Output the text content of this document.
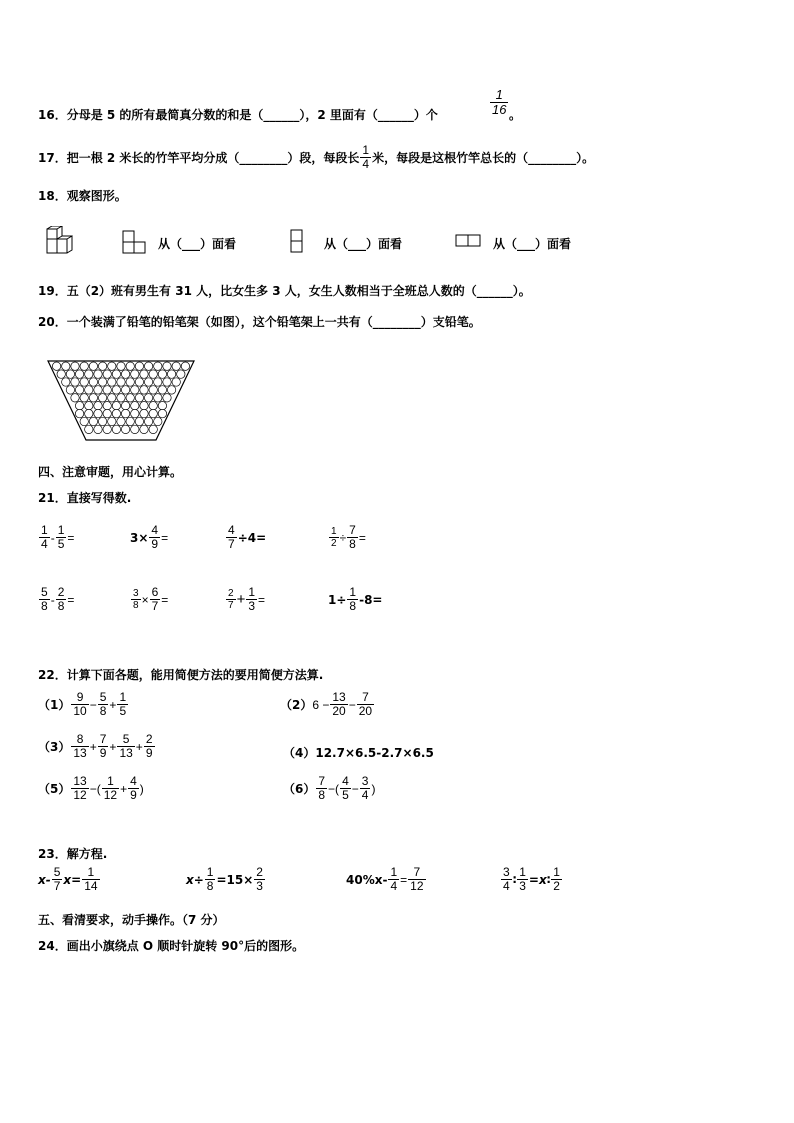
16．分母是 5 的所有最简真分数的和是（______），2 里面有（______）个	$\frac{1}{16}$ 。
17．把一根 2 米长的竹竿平均分成（________）段，每段长 $\frac{1}{4}$ 米，每段是这根竹竿总长的（________）。
18．观察图形。
从（___）面看	从（___）面看	从（___）面看
19．五（2）班有男生有 31 人，比女生多 3 人，女生人数相当于全班总人数的（______）。
20．一个装满了铅笔的铅笔架（如图），这个铅笔架上一共有（________）支铅笔。
四、注意审题，用心计算。
21．直接写得数.
$\frac{1}{4} - \frac{1}{5}$ =	$3\times \frac{4}{9}$ =	$\frac{4}{7} \div 4=$	$\frac{1}{2} \div \frac{7}{8}$ =
$\frac{5}{8} - \frac{2}{8}$ =	$\frac{3}{8} \times \frac{6}{7}$ =	$\frac{2}{7} + \frac{1}{3}$ =	$1\div \frac{1}{8} -8=$
22．计算下面各题，能用简便方法的要用简便方法算.
$(1) \frac{9}{10} - \frac{5}{8} + \frac{1}{5}$	（2） $6 - \frac{13}{20} - \frac{7}{20}$
$(3) \frac{8}{13} + \frac{7}{9} + \frac{5}{13} + \frac{2}{9}$	（4） 12.7×6.5-2.7×6.5
$(5) \frac{13}{12}$ −( $\frac{1}{12} + \frac{4}{9}$ )	$(6) \frac{7}{8}$ −( $\frac{4}{5} - \frac{3}{4}$ )
23．解方程.
$x- \frac{5}{7} x= \frac{1}{14}$	$x\div \frac{1}{8} =15\times \frac{2}{3}$	$40\%x- \frac{1}{4} = \frac{7}{12}$	$\frac{3}{4}$ ∶ $\frac{1}{3}$ =x∶ $\frac{1}{2}$
五、看清要求，动手操作。（7 分）
24．画出小旗绕点 O 顺时针旋转 90°后的图形。
